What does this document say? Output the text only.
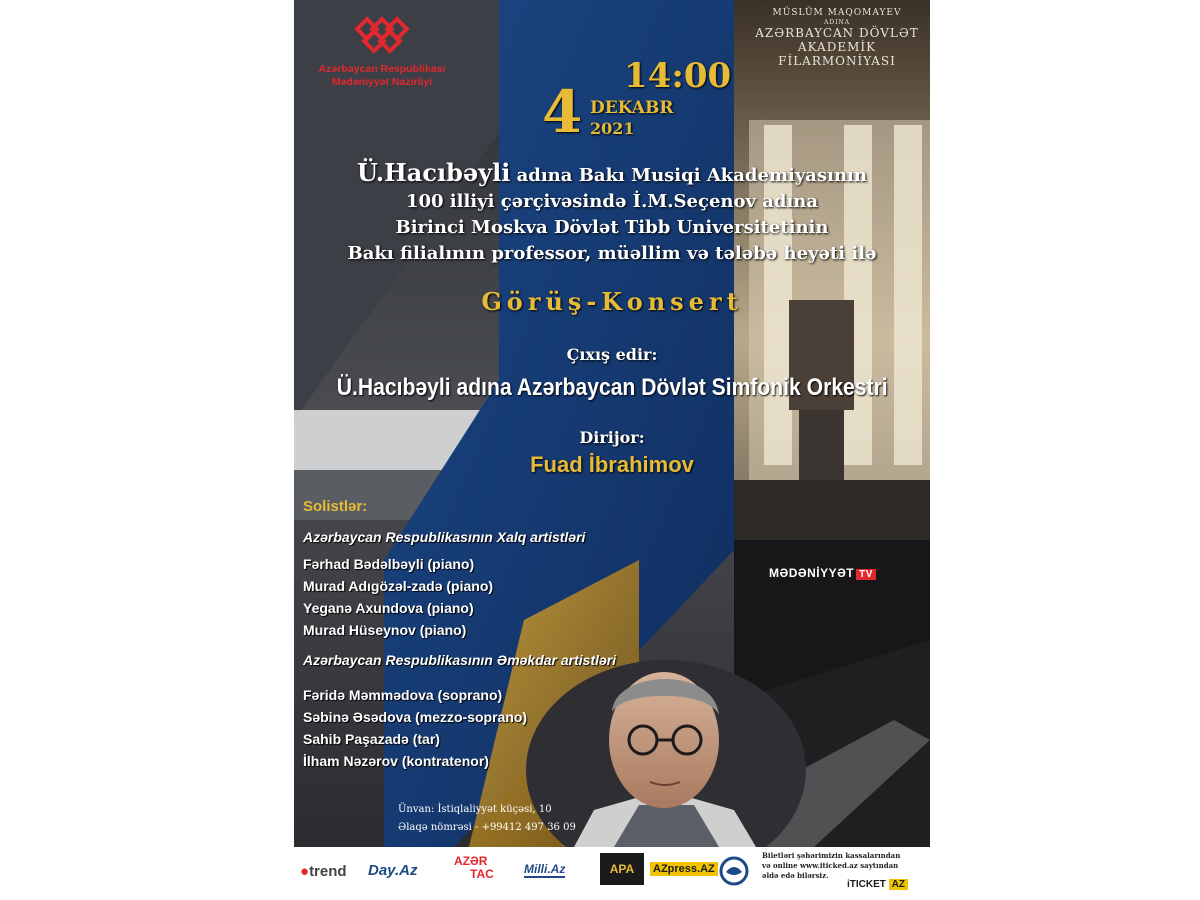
Azərbaycan Respublikası
Mədəniyyət Nazirliyi
MÜSLÜM MAQOMAYEV
ADINA
AZƏRBAYCAN DÖVLƏT
AKADEMİK
FİLARMONİYASI
14:00
4 DEKABR
2021
Ü.Hacıbəyli adına Bakı Musiqi Akademiyasının
100 illiyi çərçivəsində İ.M.Seçenov adına
Birinci Moskva Dövlət Tibb Universitetinin
Bakı filialının professor, müəllim və tələbə heyəti ilə
Görüş-Konsert
Çıxış edir:
Ü.Hacıbəyli adına Azərbaycan Dövlət Simfonik Orkestri
Dirijor:
Fuad İbrahimov
Solistlər:
Azərbaycan Respublikasının Xalq artistləri
Fərhad Bədəlbəyli (piano)
Murad Adıgözəl-zadə (piano)
Yeganə Axundova (piano)
Murad Hüseynov (piano)
Azərbaycan Respublikasının Əməkdar artistləri
Fəridə Məmmədova (soprano)
Səbinə Əsədova (mezzo-soprano)
Sahib Paşazadə (tar)
İlham Nəzərov (kontratenor)
Ünvan: İstiqlaliyyət küçəsi, 10
Əlaqə nömrəsi - +99412 497 36 09
MƏDƏNİYYƏT TV
●trend Day.Az
AZƏR
TAC	Milli.Az	APA	AZpress.AZ
Biletləri şəhərimizin kassalarından
və online www.iticked.az saytından
əldə edə bilərsiz.
iTICKET AZ
